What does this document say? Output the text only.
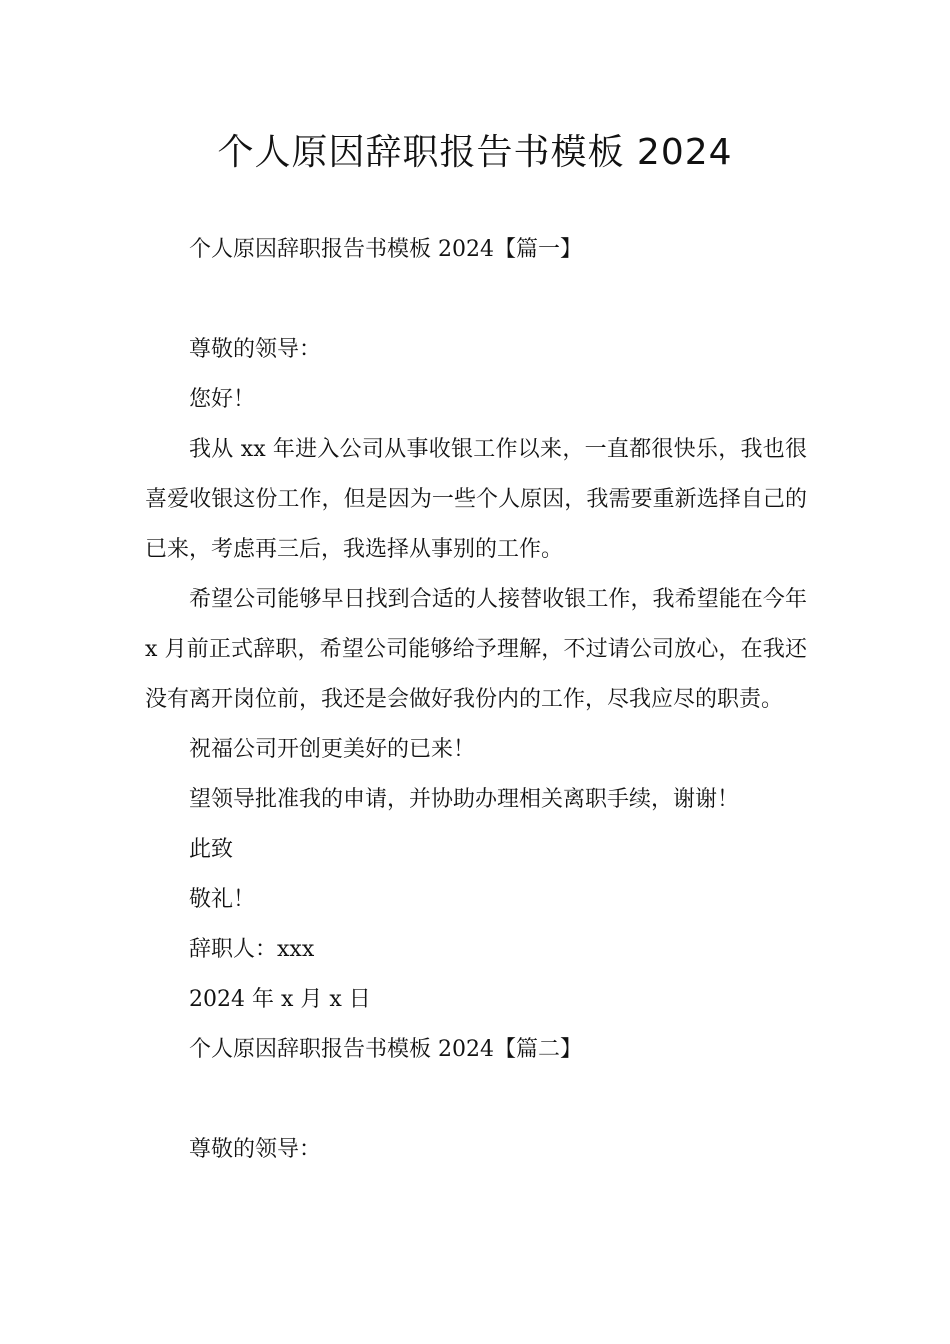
个人原因辞职报告书模板 2024

个人原因辞职报告书模板 2024【篇一】

尊敬的领导：

您好！

我从 xx 年进入公司从事收银工作以来，一直都很快乐，我也很喜爱收银这份工作，但是因为一些个人原因，我需要重新选择自己的已来，考虑再三后，我选择从事别的工作。

希望公司能够早日找到合适的人接替收银工作，我希望能在今年 x 月前正式辞职，希望公司能够给予理解，不过请公司放心，在我还没有离开岗位前，我还是会做好我份内的工作，尽我应尽的职责。

祝福公司开创更美好的已来！

望领导批准我的申请，并协助办理相关离职手续，谢谢！

此致

敬礼！

辞职人：xxx

2024 年 x 月 x 日

个人原因辞职报告书模板 2024【篇二】

尊敬的领导：
